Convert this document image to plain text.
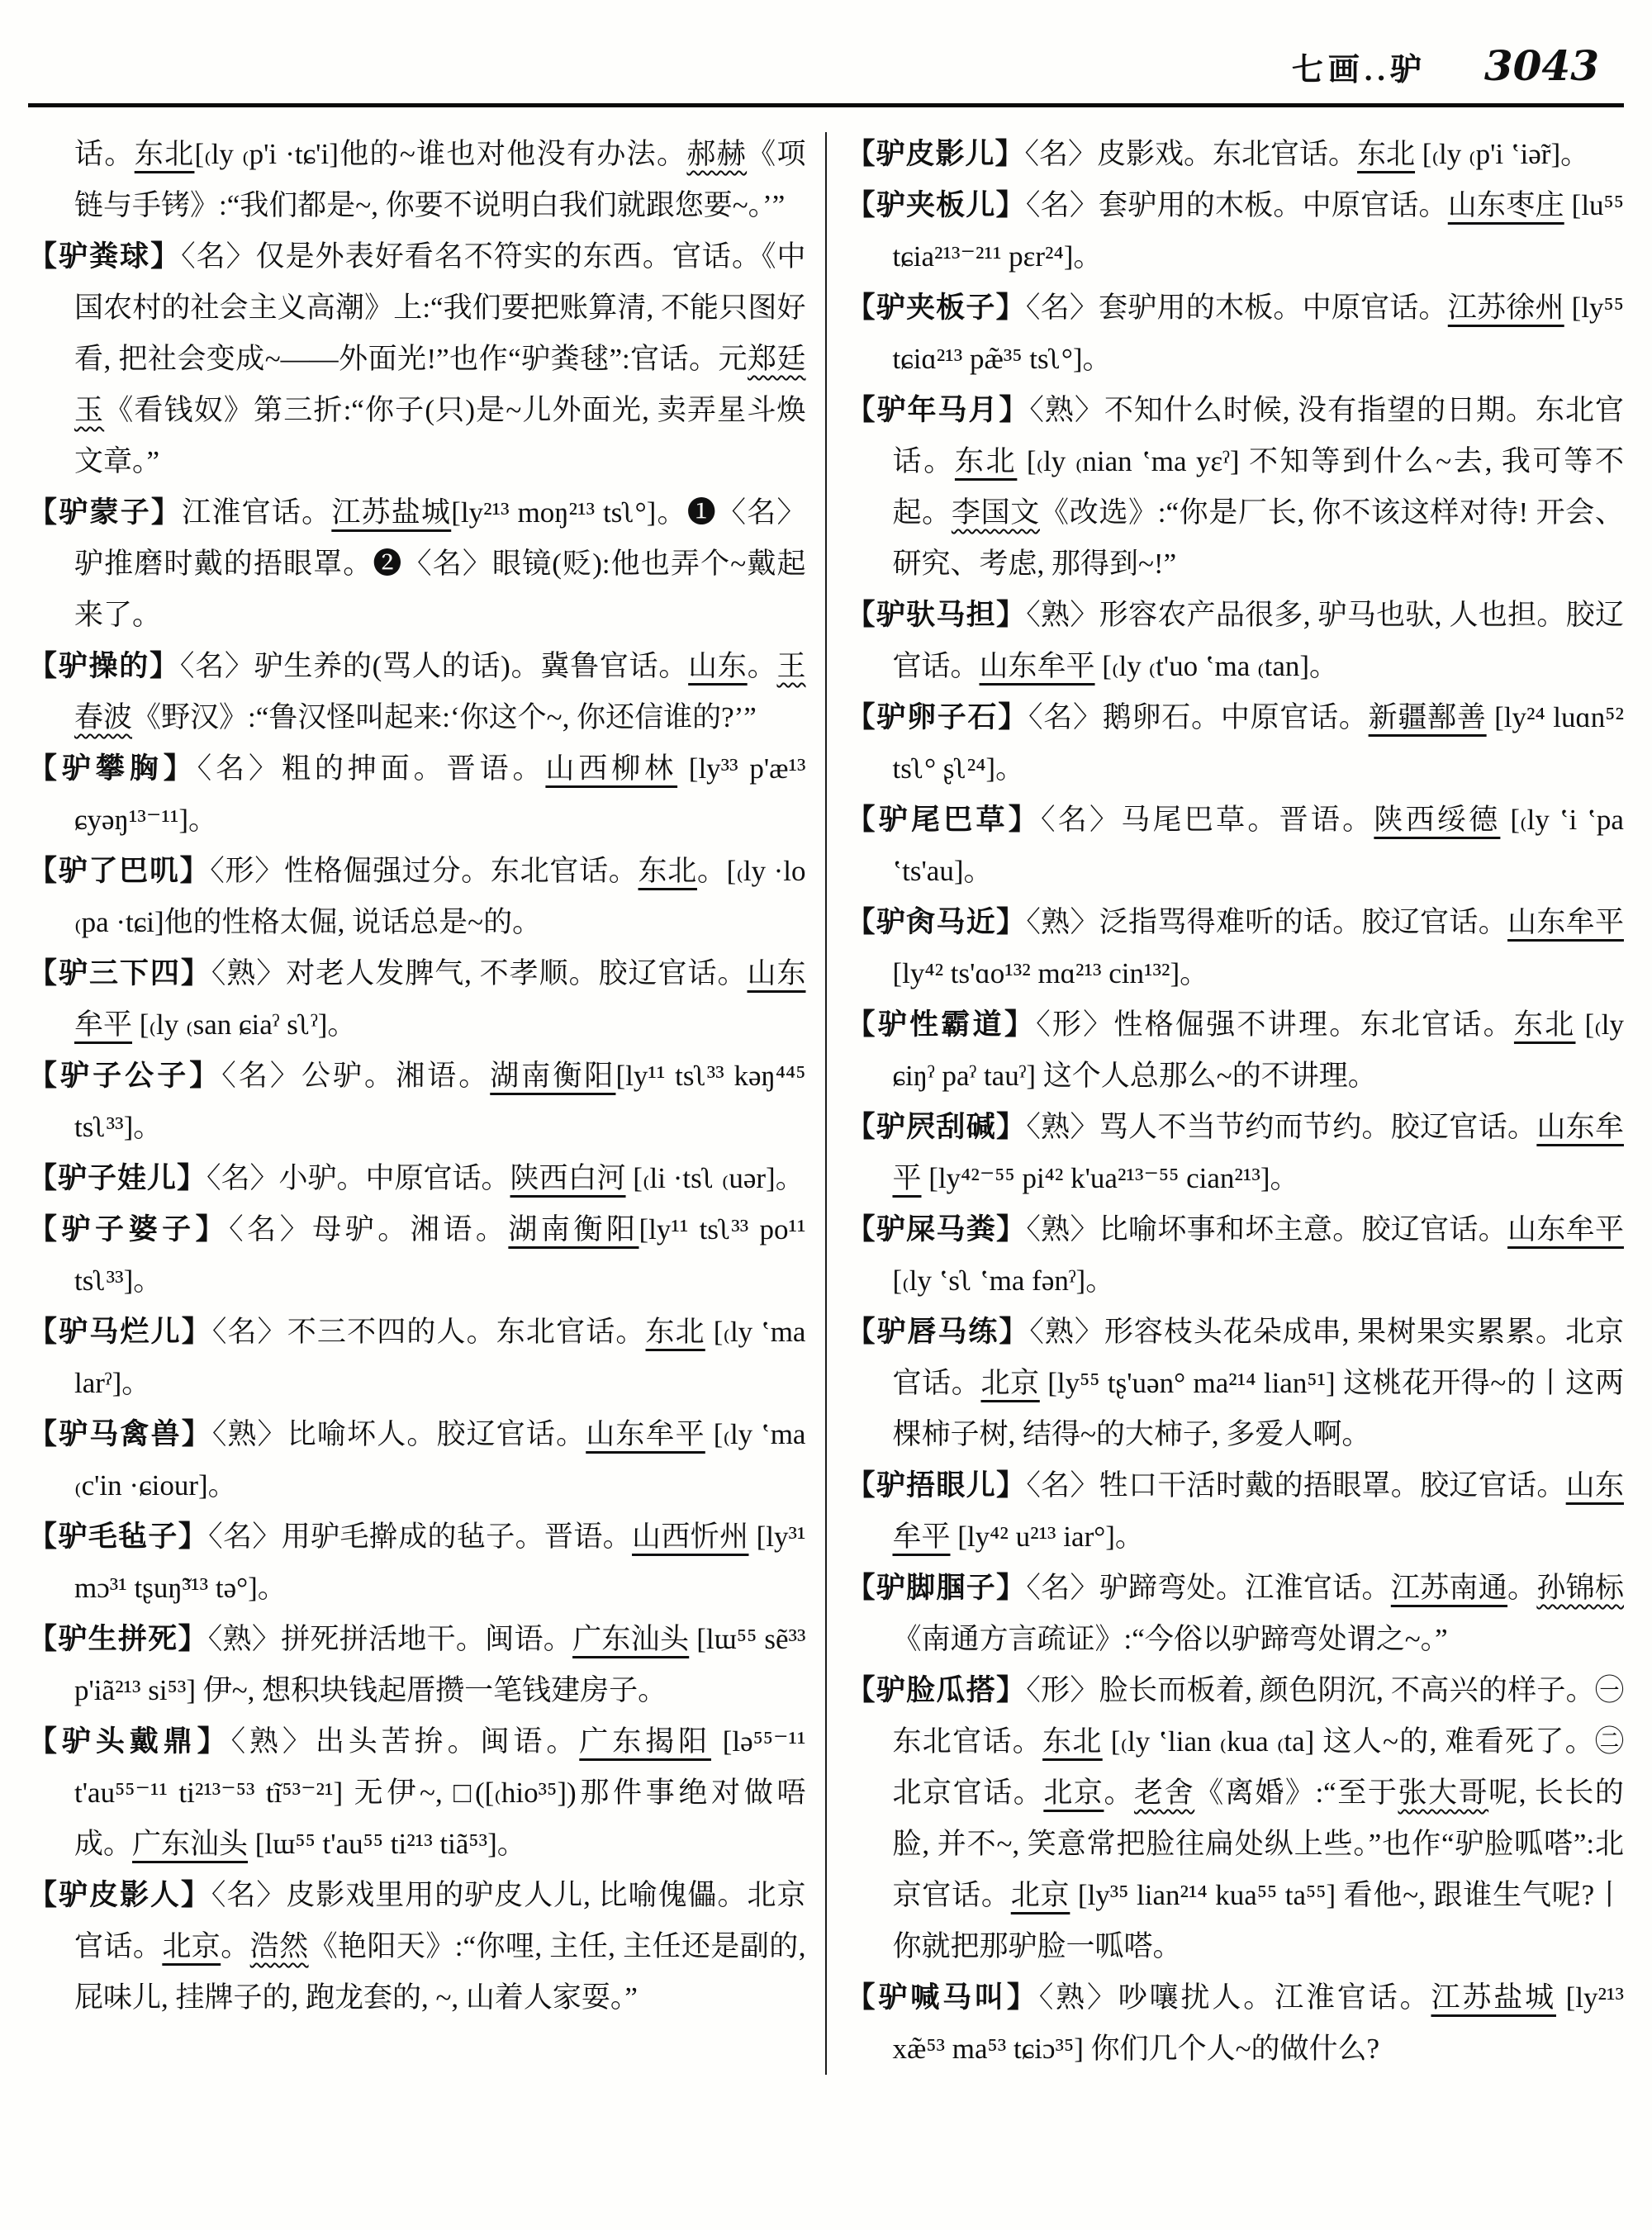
七画..驴 3043
话。东北[₍ly ₍p'i ·tɕ'i]他的~谁也对他没有办法。郝赫《项链与手铐》:“我们都是~, 你要不说明白我们就跟您要~。’”
【驴粪球】〈名〉仅是外表好看名不符实的东西。官话。《中国农村的社会主义高潮》上:“我们要把账算清, 不能只图好看, 把社会变成~——外面光!”也作“驴粪毬”:官话。元郑廷玉《看钱奴》第三折:“你子(只)是~儿外面光, 卖弄星斗焕文章。”
【驴蒙子】江淮官话。江苏盐城[ly²¹³ moŋ²¹³ tsʅ°]。❶〈名〉驴推磨时戴的捂眼罩。❷〈名〉眼镜(贬):他也弄个~戴起来了。
【驴操的】〈名〉驴生养的(骂人的话)。冀鲁官话。山东。王春波《野汉》:“鲁汉怪叫起来:‘你这个~, 你还信谁的?’”
【驴攀胸】〈名〉粗的抻面。晋语。山西柳林 [ly³³ p'æ¹³ ɕyəŋ¹³⁻¹¹]。
【驴了巴叽】〈形〉性格倔强过分。东北官话。东北。[₍ly ·lo ₍pa ·tɕi]他的性格太倔, 说话总是~的。
【驴三下四】〈熟〉对老人发脾气, 不孝顺。胶辽官话。山东牟平 [₍ly ₍san ɕiaˀ sʅˀ]。
【驴子公子】〈名〉公驴。湘语。湖南衡阳[ly¹¹ tsʅ³³ kəŋ⁴⁴⁵ tsʅ³³]。
【驴子娃儿】〈名〉小驴。中原官话。陕西白河 [₍li ·tsʅ ₍uər]。
【驴子婆子】〈名〉母驴。湘语。湖南衡阳[ly¹¹ tsʅ³³ po¹¹ tsʅ³³]。
【驴马烂儿】〈名〉不三不四的人。东北官话。东北 [₍ly ʽma larˀ]。
【驴马禽兽】〈熟〉比喻坏人。胶辽官话。山东牟平 [₍ly ʽma ₍c'in ·ɕiour]。
【驴毛毡子】〈名〉用驴毛擀成的毡子。晋语。山西忻州 [ly³¹ mɔ³¹ tʂuŋ̃³¹³ tə°]。
【驴生拼死】〈熟〉拼死拼活地干。闽语。广东汕头 [lɯ⁵⁵ sẽ³³ p'iã²¹³ si⁵³] 伊~, 想积块钱起厝攒一笔钱建房子。
【驴头戴鼎】〈熟〉出头苦拚。闽语。广东揭阳 [lə⁵⁵⁻¹¹ t'au⁵⁵⁻¹¹ ti²¹³⁻⁵³ tĩ⁵³⁻²¹] 无伊~, □([₍hio³⁵])那件事绝对做唔成。广东汕头 [lɯ⁵⁵ t'au⁵⁵ ti²¹³ tiã⁵³]。
【驴皮影人】〈名〉皮影戏里用的驴皮人儿, 比喻傀儡。北京官话。北京。浩然《艳阳天》:“你哩, 主任, 主任还是副的, 屁味儿, 挂牌子的, 跑龙套的, ~, 山着人家耍。”
【驴皮影儿】〈名〉皮影戏。东北官话。东北 [₍ly ₍p'i ʽiə̃r]。
【驴夹板儿】〈名〉套驴用的木板。中原官话。山东枣庄 [lu⁵⁵ tɕia²¹³⁻²¹¹ pɛr²⁴]。
【驴夹板子】〈名〉套驴用的木板。中原官话。江苏徐州 [ly⁵⁵ tɕiɑ²¹³ pæ̃³⁵ tsʅ°]。
【驴年马月】〈熟〉不知什么时候, 没有指望的日期。东北官话。东北 [₍ly ₍nian ʽma yɛˀ] 不知等到什么~去, 我可等不起。李国文《改选》:“你是厂长, 你不该这样对待! 开会、研究、考虑, 那得到~!”
【驴驮马担】〈熟〉形容农产品很多, 驴马也驮, 人也担。胶辽官话。山东牟平 [₍ly ₍t'uo ʽma ₍tan]。
【驴卵子石】〈名〉鹅卵石。中原官话。新疆鄯善 [ly²⁴ luɑn⁵² tsʅ° ʂʅ²⁴]。
【驴尾巴草】〈名〉马尾巴草。晋语。陕西绥德 [₍ly ʽi ʽpa ʽts'au]。
【驴肏马近】〈熟〉泛指骂得难听的话。胶辽官话。山东牟平 [ly⁴² ts'ɑo¹³² mɑ²¹³ cin¹³²]。
【驴性霸道】〈形〉性格倔强不讲理。东北官话。东北 [₍ly ɕiŋˀ paˀ tauˀ] 这个人总那么~的不讲理。
【驴屄刮碱】〈熟〉骂人不当节约而节约。胶辽官话。山东牟平 [ly⁴²⁻⁵⁵ pi⁴² k'ua²¹³⁻⁵⁵ cian²¹³]。
【驴屎马粪】〈熟〉比喻坏事和坏主意。胶辽官话。山东牟平 [₍ly ʽsʅ ʽma fənˀ]。
【驴唇马练】〈熟〉形容枝头花朵成串, 果树果实累累。北京官话。北京 [ly⁵⁵ tʂ'uən° ma²¹⁴ lian⁵¹] 这桃花开得~的丨这两棵柿子树, 结得~的大柿子, 多爱人啊。
【驴捂眼儿】〈名〉牲口干活时戴的捂眼罩。胶辽官话。山东牟平 [ly⁴² u²¹³ iar°]。
【驴脚腘子】〈名〉驴蹄弯处。江淮官话。江苏南通。孙锦标《南通方言疏证》:“今俗以驴蹄弯处谓之~。”
【驴脸瓜搭】〈形〉脸长而板着, 颜色阴沉, 不高兴的样子。㊀东北官话。东北 [₍ly ʽlian ₍kua ₍ta] 这人~的, 难看死了。㊁北京官话。北京。老舍《离婚》:“至于张大哥呢, 长长的脸, 并不~, 笑意常把脸往扁处纵上些。”也作“驴脸呱嗒”:北京官话。北京 [ly³⁵ lian²¹⁴ kua⁵⁵ ta⁵⁵] 看他~, 跟谁生气呢?丨你就把那驴脸一呱嗒。
【驴喊马叫】〈熟〉吵嚷扰人。江淮官话。江苏盐城 [ly²¹³ xæ̃⁵³ ma⁵³ tɕiɔ³⁵] 你们几个人~的做什么?
